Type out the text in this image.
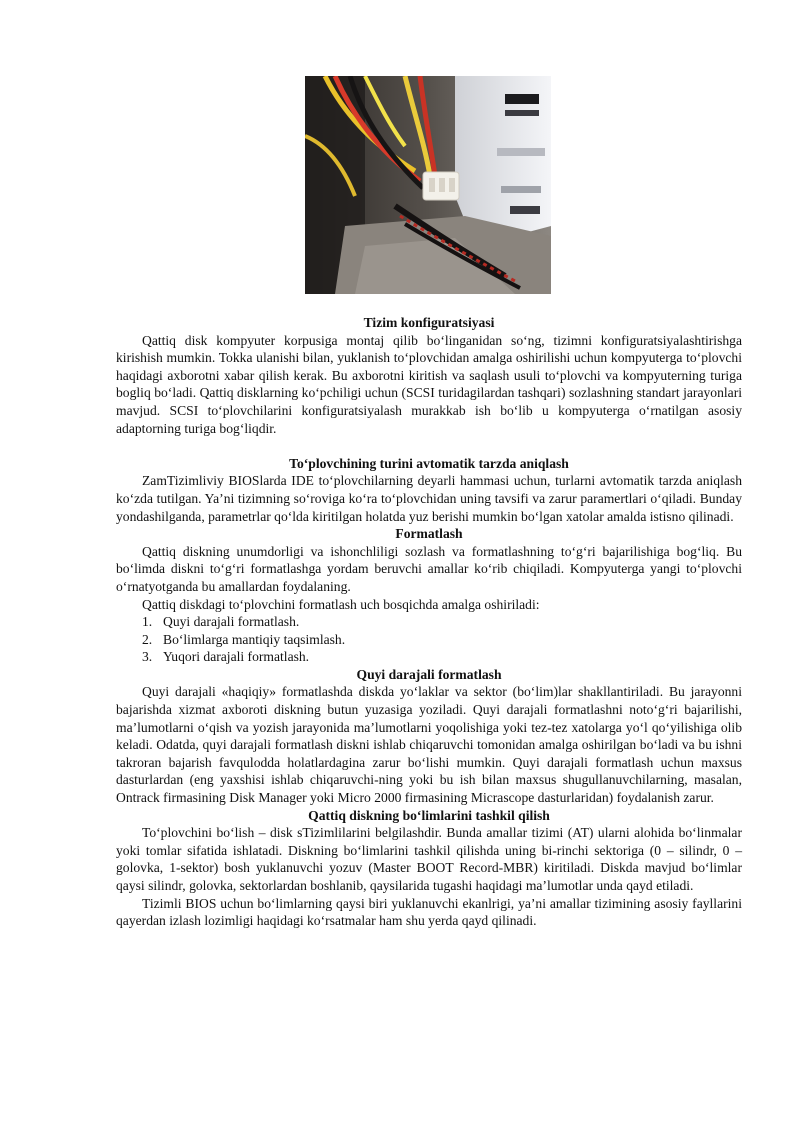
Tizim konfiguratsiyasi

Qattiq disk kompyuter korpusiga montaj qilib bo‘linganidan so‘ng, tizimni konfiguratsiyalashtirishga kirishish mumkin. Tokka ulanishi bilan, yuklanish to‘plovchidan amalga oshirilishi uchun kompyuterga to‘plovchi haqidagi axborotni xabar qilish kerak. Bu axborotni kiritish va saqlash usuli to‘plovchi va kompyuterning turiga bogliq bo‘ladi. Qattiq disklarning ko‘pchiligi uchun (SCSI turidagilardan tashqari) sozlashning standart jarayonlari mavjud. SCSI to‘plovchilarini konfiguratsiyalash murakkab ish bo‘lib u kompyuterga o‘rnatilgan asosiy adaptorning turiga bog‘liqdir.

To‘plovchining turini avtomatik tarzda aniqlash

ZamTizimliviy BIOSlarda IDE to‘plovchilarning deyarli hammasi uchun, turlarni avtomatik tarzda aniqlash ko‘zda tutilgan. Ya’ni tizimning so‘roviga ko‘ra to‘plovchidan uning tavsifi va zarur paramertlari o‘qiladi. Bunday yondashilganda, parametrlar qo‘lda kiritilgan holatda yuz berishi mumkin bo‘lgan xatolar amalda istisno qilinadi.

Formatlash

Qattiq diskning unumdorligi va ishonchliligi sozlash va formatlashning to‘g‘ri bajarilishiga bog‘liq. Bu bo‘limda diskni to‘g‘ri formatlashga yordam beruvchi amallar ko‘rib chiqiladi. Kompyuterga yangi to‘plovchi o‘rnatyotganda bu amallardan foydalaning.

Qattiq diskdagi to‘plovchini formatlash uch bosqichda amalga oshiriladi:

1. Quyi darajali formatlash.
2. Bo‘limlarga mantiqiy taqsimlash.
3. Yuqori darajali formatlash.
Quyi darajali formatlash

Quyi darajali «haqiqiy» formatlashda diskda yo‘laklar va sektor (bo‘lim)lar shakllantiriladi. Bu jarayonni bajarishda xizmat axboroti diskning butun yuzasiga yoziladi. Quyi darajali formatlashni noto‘g‘ri bajarilishi, ma’lumotlarni o‘qish va yozish jarayonida ma’lumotlarni yoqolishiga yoki tez-tez xatolarga yo‘l qo‘yilishiga olib keladi. Odatda, quyi darajali formatlash diskni ishlab chiqaruvchi tomonidan amalga oshirilgan bo‘ladi va bu ishni takroran bajarish favqulodda holatlardagina zarur bo‘lishi mumkin. Quyi darajali formatlash uchun maxsus dasturlardan (eng yaxshisi ishlab chiqaruvchi-ning yoki bu ish bilan maxsus shugullanuvchilarning, masalan, Ontrack firmasining Disk Manager yoki Micro 2000 firmasining Micrascope dasturlaridan) foydalanish zarur.

Qattiq diskning bo‘limlarini tashkil qilish

To‘plovchini bo‘lish – disk sTizimlilarini belgilashdir. Bunda amallar tizimi (AT) ularni alohida bo‘linmalar yoki tomlar sifatida ishlatadi. Diskning bo‘limlarini tashkil qilishda uning bi-rinchi sektoriga (0 – silindr, 0 – golovka, 1-sektor) bosh yuklanuvchi yozuv (Master BOOT Record-MBR) kiritiladi. Diskda mavjud bo‘limlar qaysi silindr, golovka, sektorlardan boshlanib, qaysilarida tugashi haqidagi ma’lumotlar unda qayd etiladi.

Tizimli BIOS uchun bo‘limlarning qaysi biri yuklanuvchi ekanlrigi, ya’ni amallar tizimining asosiy fayllarini qayerdan izlash lozimligi haqidagi ko‘rsatmalar ham shu yerda qayd qilinadi.
